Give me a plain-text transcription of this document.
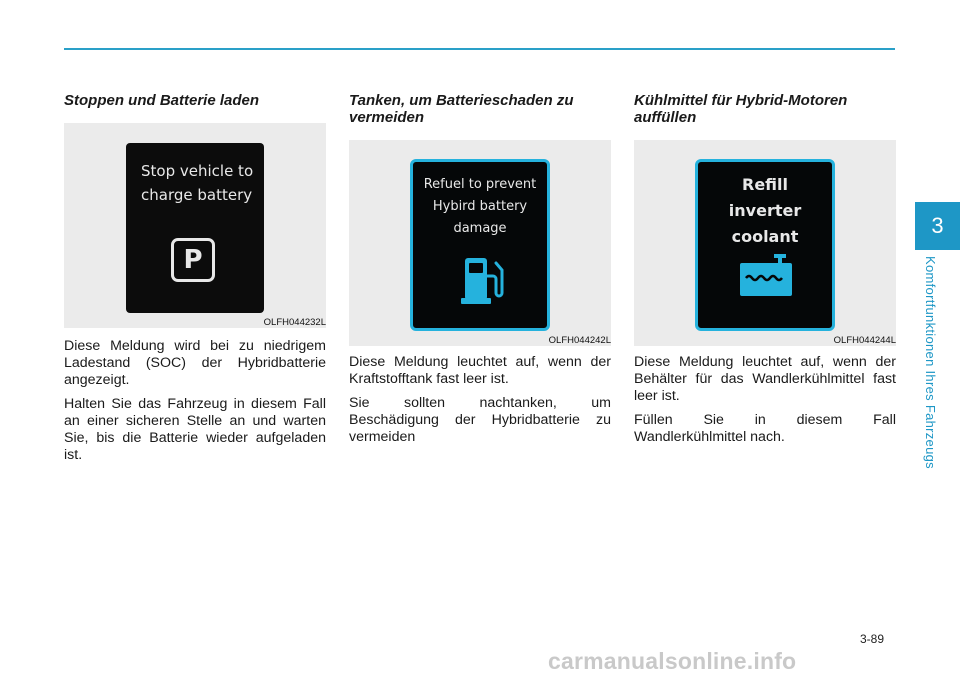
Stoppen und Batterie laden
Stop vehicle to
charge battery
P
OLFH044232L

Diese Meldung wird bei zu niedrigem Ladestand (SOC) der Hybridbatterie angezeigt.

Halten Sie das Fahrzeug in diesem Fall an einer sicheren Stelle an und warten Sie, bis die Batterie wieder aufgeladen ist.

Tanken, um Batterieschaden zu vermeiden
Refuel to prevent
Hybird battery
damage
OLFH044242L

Diese Meldung leuchtet auf, wenn der Kraftstofftank fast leer ist.

Sie sollten nachtanken, um Beschädigung der Hybridbatterie zu vermeiden

Kühlmittel für Hybrid-Motoren auffüllen
Refill
inverter coolant
OLFH044244L

Diese Meldung leuchtet auf, wenn der Behälter für das Wandlerkühlmittel fast leer ist.

Füllen Sie in diesem Fall Wandlerkühlmittel nach.

3
Komfortfunktionen Ihres Fahrzeugs
3-89
carmanualsonline.info
